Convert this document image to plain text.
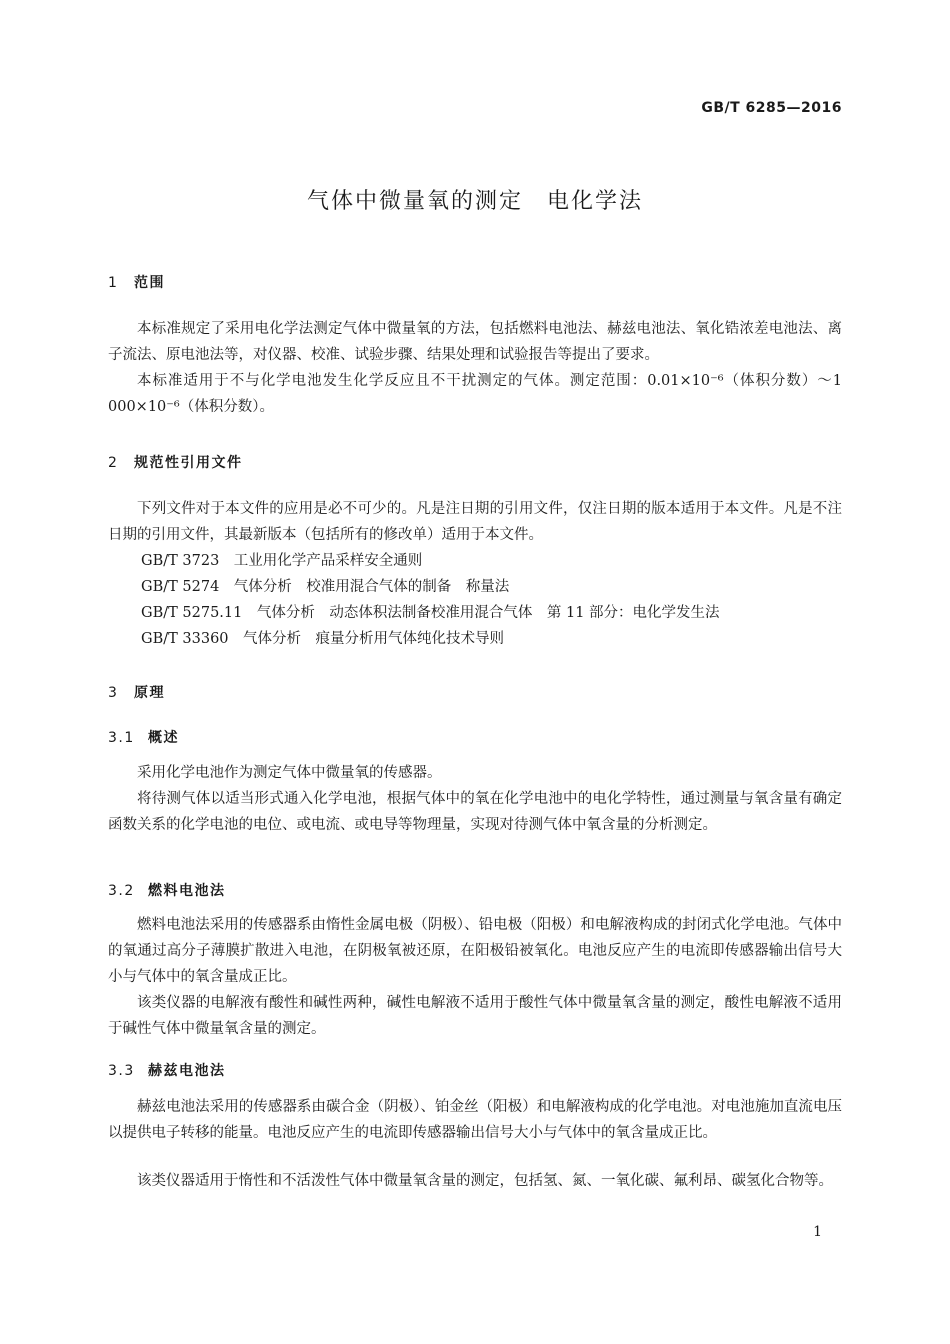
GB/T 6285—2016
气体中微量氧的测定　电化学法
1 范围

本标准规定了采用电化学法测定气体中微量氧的方法，包括燃料电池法、赫兹电池法、氧化锆浓差电池法、离子流法、原电池法等，对仪器、校准、试验步骤、结果处理和试验报告等提出了要求。

本标准适用于不与化学电池发生化学反应且不干扰测定的气体。测定范围：0.01×10⁻⁶（体积分数）～1 000×10⁻⁶（体积分数）。

2 规范性引用文件

下列文件对于本文件的应用是必不可少的。凡是注日期的引用文件，仅注日期的版本适用于本文件。凡是不注日期的引用文件，其最新版本（包括所有的修改单）适用于本文件。

GB/T 3723　工业用化学产品采样安全通则
GB/T 5274　气体分析　校准用混合气体的制备　称量法
GB/T 5275.11　气体分析　动态体积法制备校准用混合气体　第 11 部分：电化学发生法
GB/T 33360　气体分析　痕量分析用气体纯化技术导则
3 原理
3.1 概述

采用化学电池作为测定气体中微量氧的传感器。

将待测气体以适当形式通入化学电池，根据气体中的氧在化学电池中的电化学特性，通过测量与氧含量有确定函数关系的化学电池的电位、或电流、或电导等物理量，实现对待测气体中氧含量的分析测定。

3.2 燃料电池法

燃料电池法采用的传感器系由惰性金属电极（阴极）、铅电极（阳极）和电解液构成的封闭式化学电池。气体中的氧通过高分子薄膜扩散进入电池，在阴极氧被还原，在阳极铅被氧化。电池反应产生的电流即传感器输出信号大小与气体中的氧含量成正比。

该类仪器的电解液有酸性和碱性两种，碱性电解液不适用于酸性气体中微量氧含量的测定，酸性电解液不适用于碱性气体中微量氧含量的测定。

3.3 赫兹电池法

赫兹电池法采用的传感器系由碳合金（阴极）、铂金丝（阳极）和电解液构成的化学电池。对电池施加直流电压以提供电子转移的能量。电池反应产生的电流即传感器输出信号大小与气体中的氧含量成正比。

该类仪器适用于惰性和不活泼性气体中微量氧含量的测定，包括氢、氮、一氧化碳、氟利昂、碳氢化合物等。

1
